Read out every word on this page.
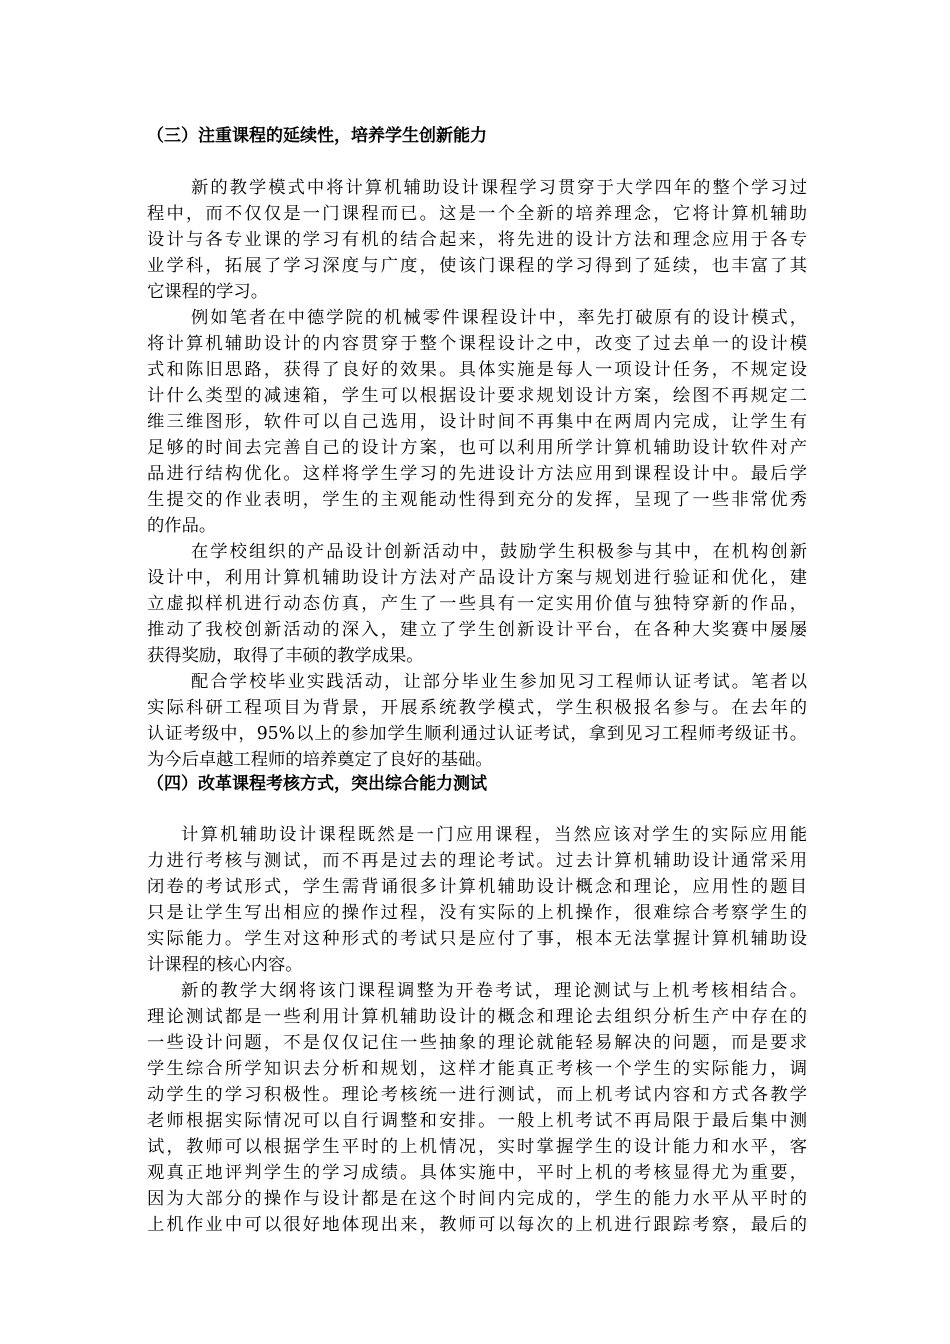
（三）注重课程的延续性，培养学生创新能力
新的教学模式中将计算机辅助设计课程学习贯穿于大学四年的整个学习过
程中，而不仅仅是一门课程而已。这是一个全新的培养理念，它将计算机辅助
设计与各专业课的学习有机的结合起来，将先进的设计方法和理念应用于各专
业学科，拓展了学习深度与广度，使该门课程的学习得到了延续，也丰富了其
它课程的学习。
例如笔者在中德学院的机械零件课程设计中，率先打破原有的设计模式，
将计算机辅助设计的内容贯穿于整个课程设计之中，改变了过去单一的设计模
式和陈旧思路，获得了良好的效果。具体实施是每人一项设计任务，不规定设
计什么类型的减速箱，学生可以根据设计要求规划设计方案，绘图不再规定二
维三维图形，软件可以自己选用，设计时间不再集中在两周内完成，让学生有
足够的时间去完善自己的设计方案，也可以利用所学计算机辅助设计软件对产
品进行结构优化。这样将学生学习的先进设计方法应用到课程设计中。最后学
生提交的作业表明，学生的主观能动性得到充分的发挥，呈现了一些非常优秀
的作品。
在学校组织的产品设计创新活动中，鼓励学生积极参与其中，在机构创新
设计中，利用计算机辅助设计方法对产品设计方案与规划进行验证和优化，建
立虚拟样机进行动态仿真，产生了一些具有一定实用价值与独特穿新的作品，
推动了我校创新活动的深入，建立了学生创新设计平台，在各种大奖赛中屡屡
获得奖励，取得了丰硕的教学成果。
配合学校毕业实践活动，让部分毕业生参加见习工程师认证考试。笔者以
实际科研工程项目为背景，开展系统教学模式，学生积极报名参与。在去年的
认证考级中，95%以上的参加学生顺利通过认证考试，拿到见习工程师考级证书。
为今后卓越工程师的培养奠定了良好的基础。
（四）改革课程考核方式，突出综合能力测试
计算机辅助设计课程既然是一门应用课程，当然应该对学生的实际应用能
力进行考核与测试，而不再是过去的理论考试。过去计算机辅助设计通常采用
闭卷的考试形式，学生需背诵很多计算机辅助设计概念和理论，应用性的题目
只是让学生写出相应的操作过程，没有实际的上机操作，很难综合考察学生的
实际能力。学生对这种形式的考试只是应付了事，根本无法掌握计算机辅助设
计课程的核心内容。
新的教学大纲将该门课程调整为开卷考试，理论测试与上机考核相结合。
理论测试都是一些利用计算机辅助设计的概念和理论去组织分析生产中存在的
一些设计问题，不是仅仅记住一些抽象的理论就能轻易解决的问题，而是要求
学生综合所学知识去分析和规划，这样才能真正考核一个学生的实际能力，调
动学生的学习积极性。理论考核统一进行测试，而上机考试内容和方式各教学
老师根据实际情况可以自行调整和安排。一般上机考试不再局限于最后集中测
试，教师可以根据学生平时的上机情况，实时掌握学生的设计能力和水平，客
观真正地评判学生的学习成绩。具体实施中，平时上机的考核显得尤为重要，
因为大部分的操作与设计都是在这个时间内完成的，学生的能力水平从平时的
上机作业中可以很好地体现出来，教师可以每次的上机进行跟踪考察，最后的
